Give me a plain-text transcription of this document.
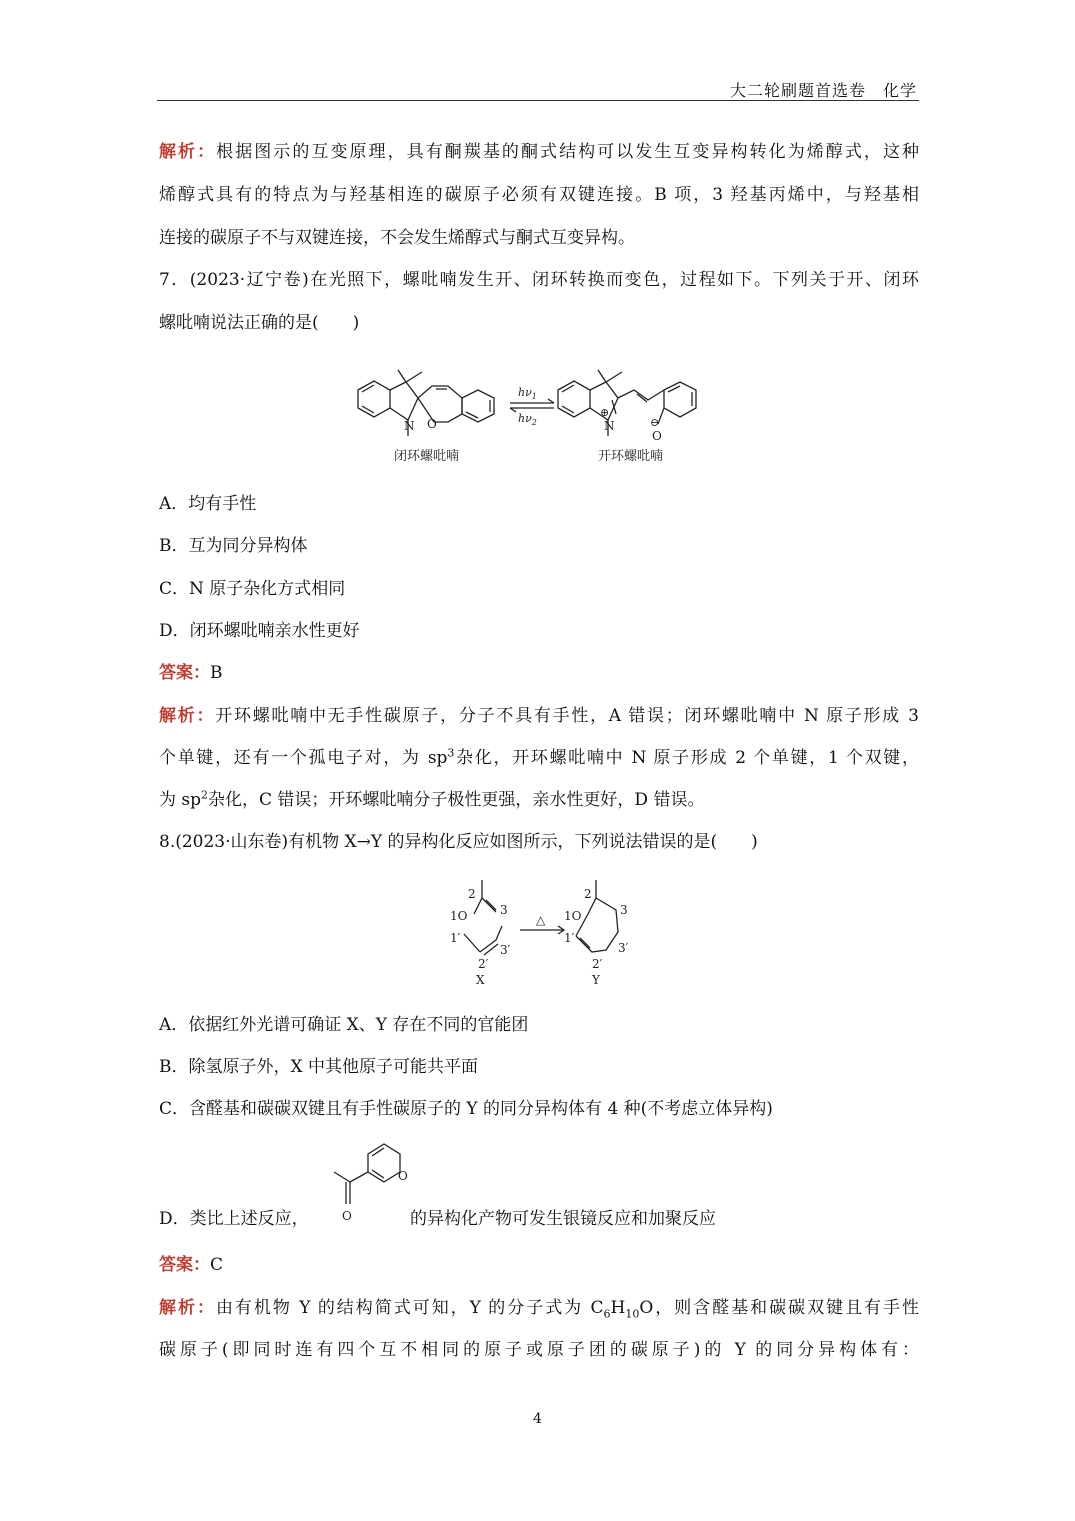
大二轮刷题首选卷　化学
解析：根据图示的互变原理，具有酮羰基的酮式结构可以发生互变异构转化为烯醇式，这种
烯醇式具有的特点为与羟基相连的碳原子必须有双键连接。B 项，3 羟基丙烯中，与羟基相
连接的碳原子不与双键连接，不会发生烯醇式与酮式互变异构。
7．(2023·辽宁卷)在光照下，螺吡喃发生开、闭环转换而变色，过程如下。下列关于开、闭环
螺吡喃说法正确的是(　　)
N O	N
⊕
O
⊖
$h\nu_1$
$h\nu_2$
闭环螺吡喃	开环螺吡喃
A．均有手性
B．互为同分异构体
C．N 原子杂化方式相同
D．闭环螺吡喃亲水性更好
答案：B
解析：开环螺吡喃中无手性碳原子，分子不具有手性，A 错误；闭环螺吡喃中 N 原子形成 3
个单键，还有一个孤电子对，为 $sp^3$杂化，开环螺吡喃中 N 原子形成 2 个单键，1 个双键，
为 $sp^2$杂化，C 错误；开环螺吡喃分子极性更强，亲水性更好，D 错误。
8.(2023·山东卷)有机物 X→Y 的异构化反应如图所示，下列说法错误的是(　　)
2
3
1O
1′
2′
3′
X
△
2
3
1O
1′
2′
3′
Y
A．依据红外光谱可确证 X、Y 存在不同的官能团
B．除氢原子外，X 中其他原子可能共平面
C．含醛基和碳碳双键且有手性碳原子的 Y 的同分异构体有 4 种(不考虑立体异构)
D．类比上述反应，
O
O	的异构化产物可发生银镜反应和加聚反应
答案：C
解析：由有机物 Y 的结构简式可知，Y 的分子式为 $C_6H_{10}O$，则含醛基和碳碳双键且有手性
碳原子(即同时连有四个互不相同的原子或原子团的碳原子)的 Y 的同分异构体有：
4
